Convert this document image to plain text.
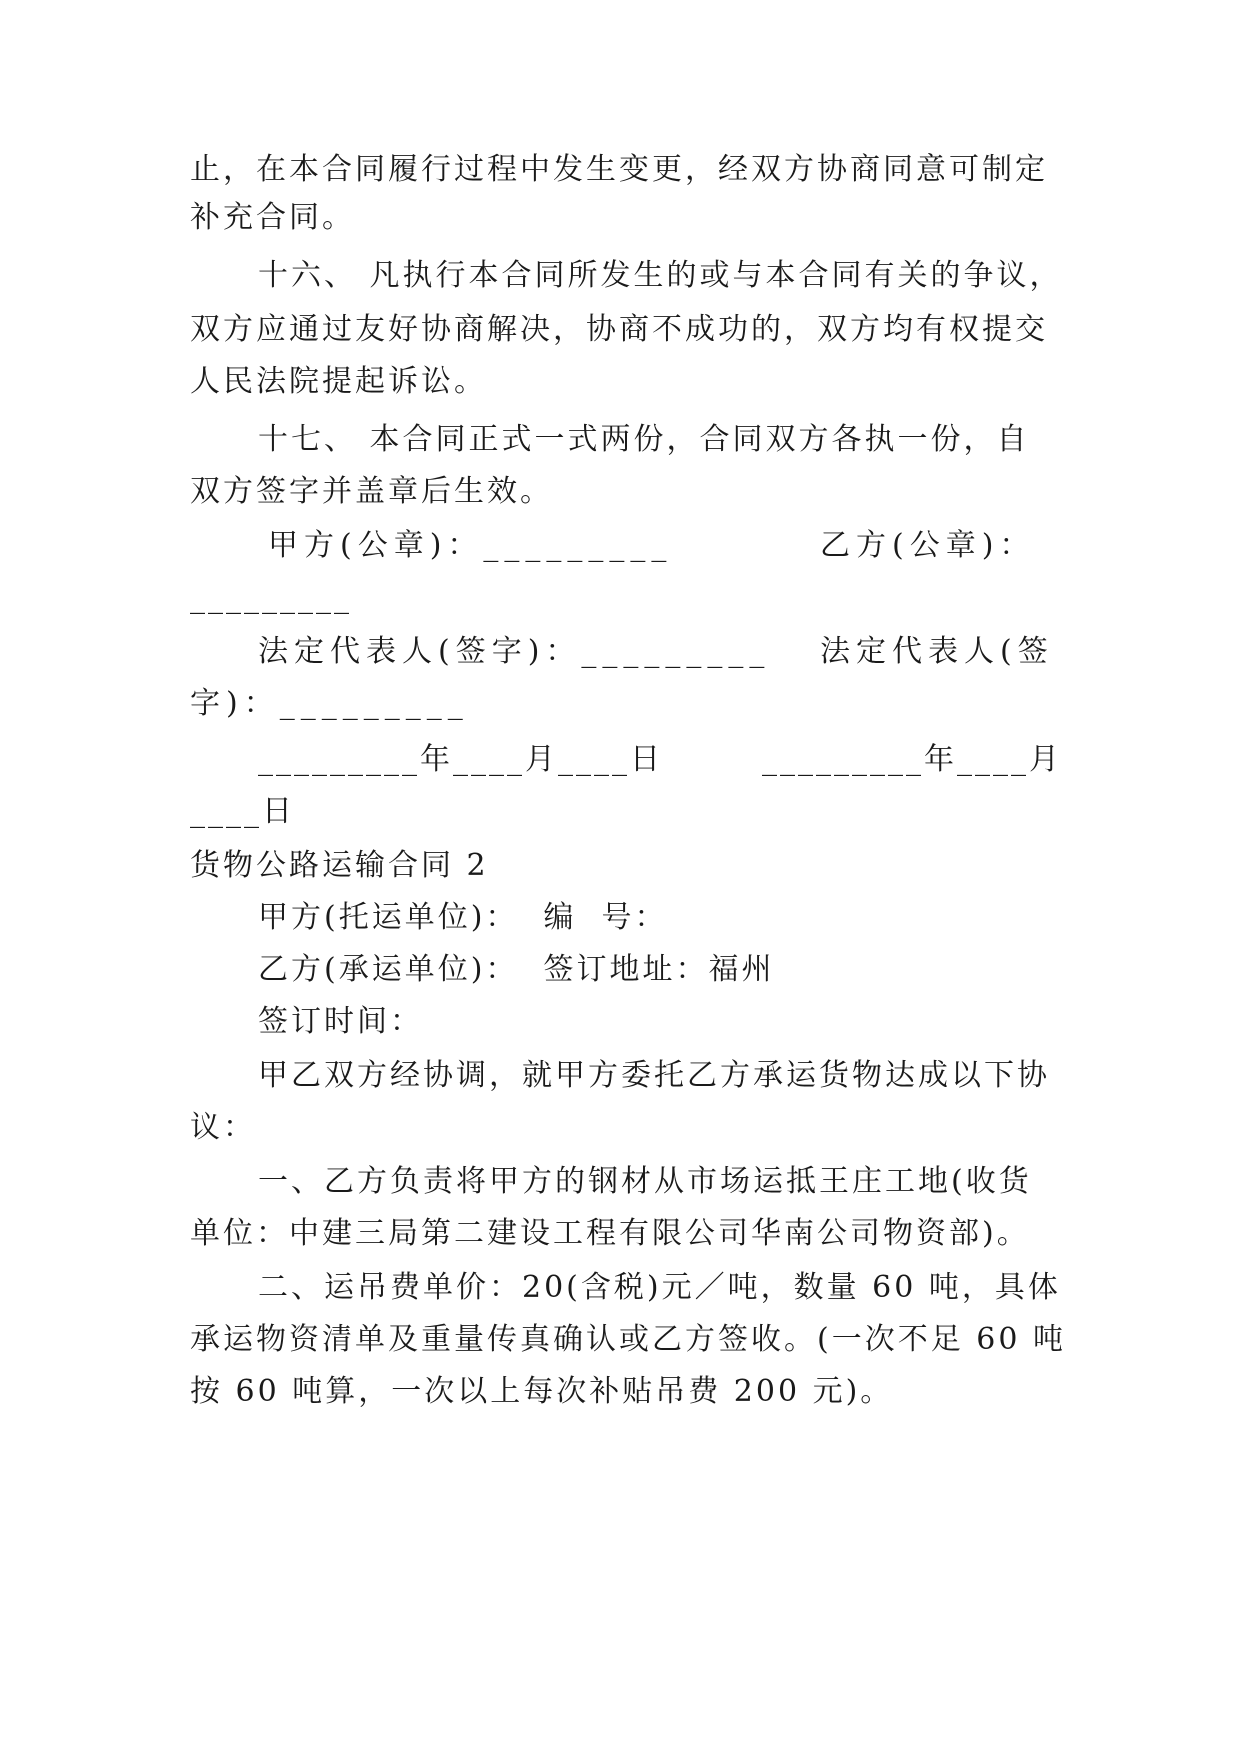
止，在本合同履行过程中发生变更，经双方协商同意可制定
补充合同。
十六、 凡执行本合同所发生的或与本合同有关的争议，
双方应通过友好协商解决，协商不成功的，双方均有权提交
人民法院提起诉讼。
十七、 本合同正式一式两份，合同双方各执一份，自
双方签字并盖章后生效。
甲方(公章)：_________	乙方(公章)：
_________
法定代表人(签字)：_________ 法定代表人(签
字)：_________
_________年____月____日	_________年____月
____日
货物公路运输合同 2
甲方(托运单位)：  编  号：
乙方(承运单位)：  签订地址：福州
签订时间：
甲乙双方经协调，就甲方委托乙方承运货物达成以下协
议：
一、乙方负责将甲方的钢材从市场运抵王庄工地(收货
单位：中建三局第二建设工程有限公司华南公司物资部)。
二、运吊费单价：20(含税)元／吨，数量 60 吨，具体
承运物资清单及重量传真确认或乙方签收。(一次不足 60 吨
按 60 吨算，一次以上每次补贴吊费 200 元)。
